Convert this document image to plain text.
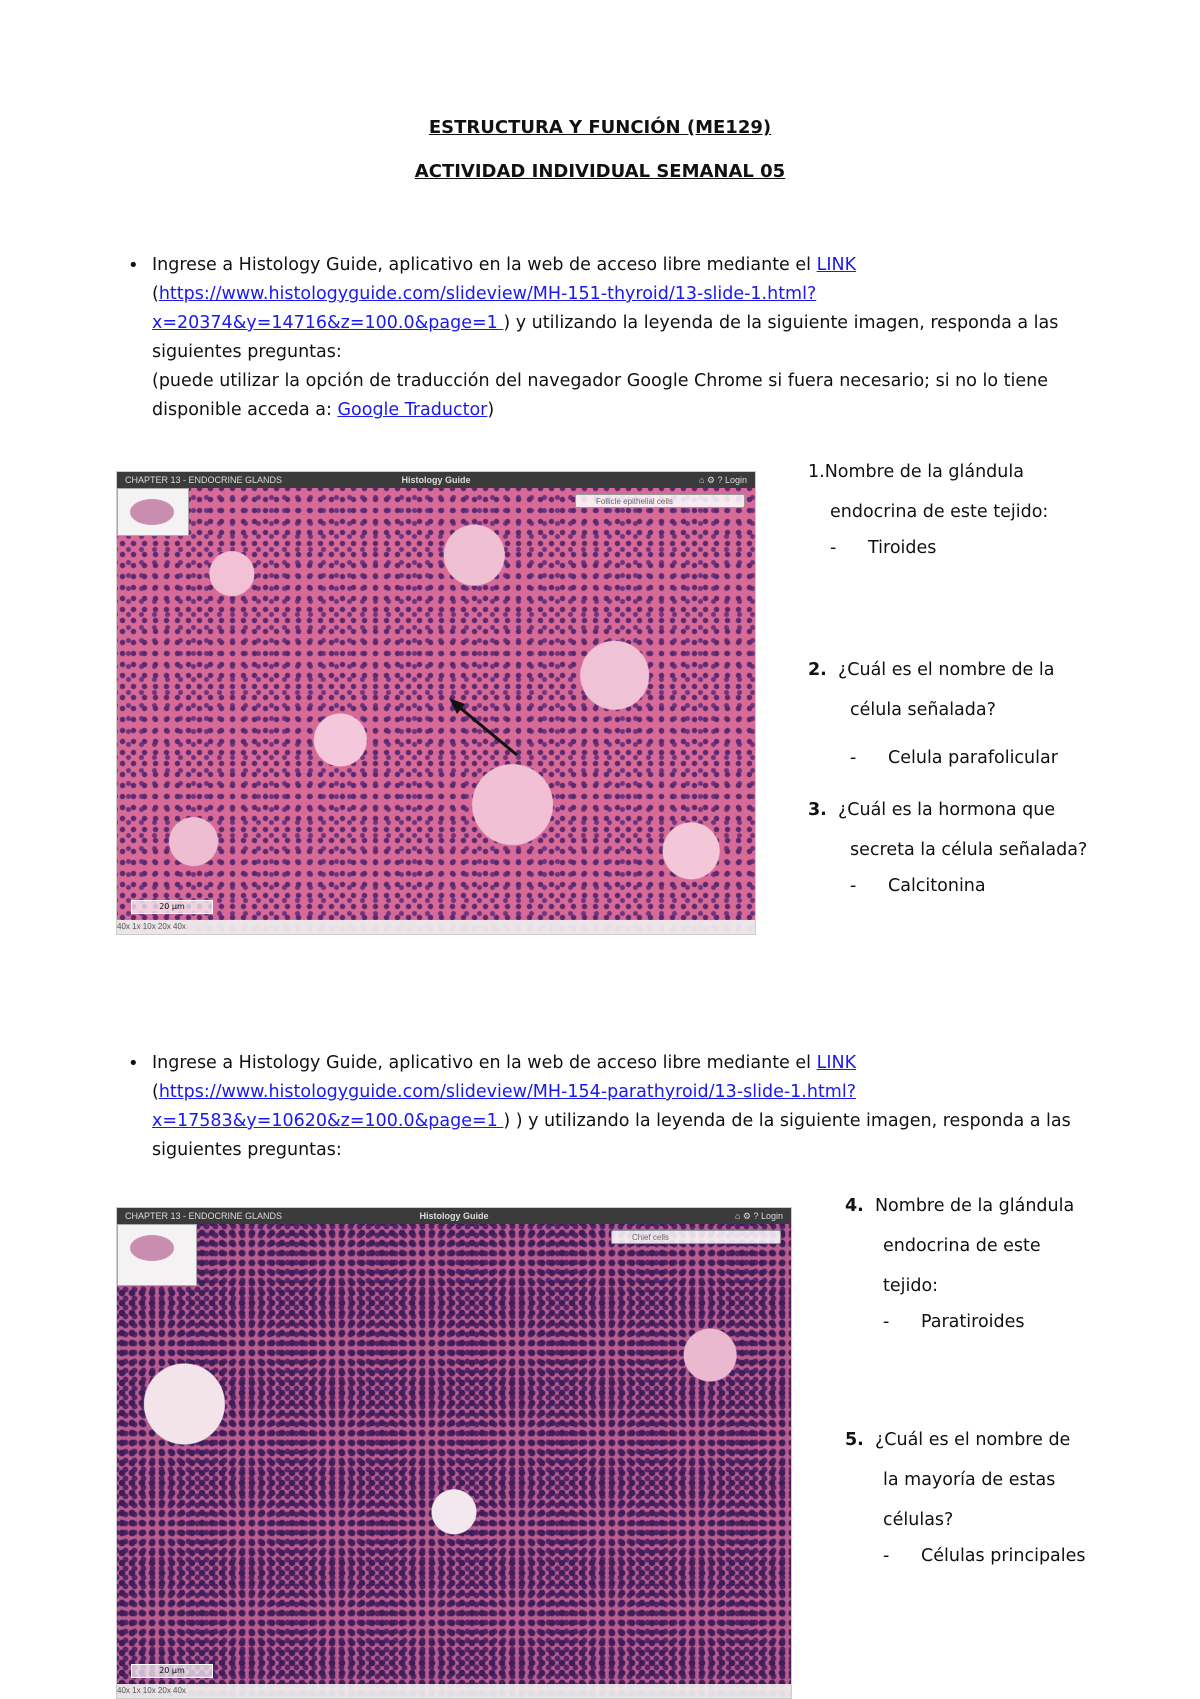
ESTRUCTURA Y FUNCIÓN (ME129)
ACTIVIDAD INDIVIDUAL SEMANAL 05
• Ingrese a Histology Guide, aplicativo en la web de acceso libre mediante el LINK
(https://www.histologyguide.com/slideview/MH-151-thyroid/13-slide-1.html?
x=20374&y=14716&z=100.0&page=1 ) y utilizando la leyenda de la siguiente imagen, responda a las siguientes preguntas:
(puede utilizar la opción de traducción del navegador Google Chrome si fuera necesario; si no lo tiene disponible acceda a: Google Traductor)
CHAPTER 13 - ENDOCRINE GLANDS	Histology Guide	⌂ ⚙ ? Login
Follicle epithelial cells
20 μm
40x 1x 10x 20x 40x
1.Nombre de la glándula
endocrina de este tejido:
- Tiroides
2. ¿Cuál es el nombre de la
célula señalada?
- Celula parafolicular
3. ¿Cuál es la hormona que
secreta la célula señalada?
- Calcitonina
• Ingrese a Histology Guide, aplicativo en la web de acceso libre mediante el LINK
(https://www.histologyguide.com/slideview/MH-154-parathyroid/13-slide-1.html?
x=17583&y=10620&z=100.0&page=1 ) ) y utilizando la leyenda de la siguiente imagen, responda a las siguientes preguntas:
CHAPTER 13 - ENDOCRINE GLANDS	Histology Guide	⌂ ⚙ ? Login
Chief cells
20 μm
40x 1x 10x 20x 40x
4. Nombre de la glándula
endocrina de este
tejido:
- Paratiroides
5. ¿Cuál es el nombre de
la mayoría de estas
células?
- Células principales
